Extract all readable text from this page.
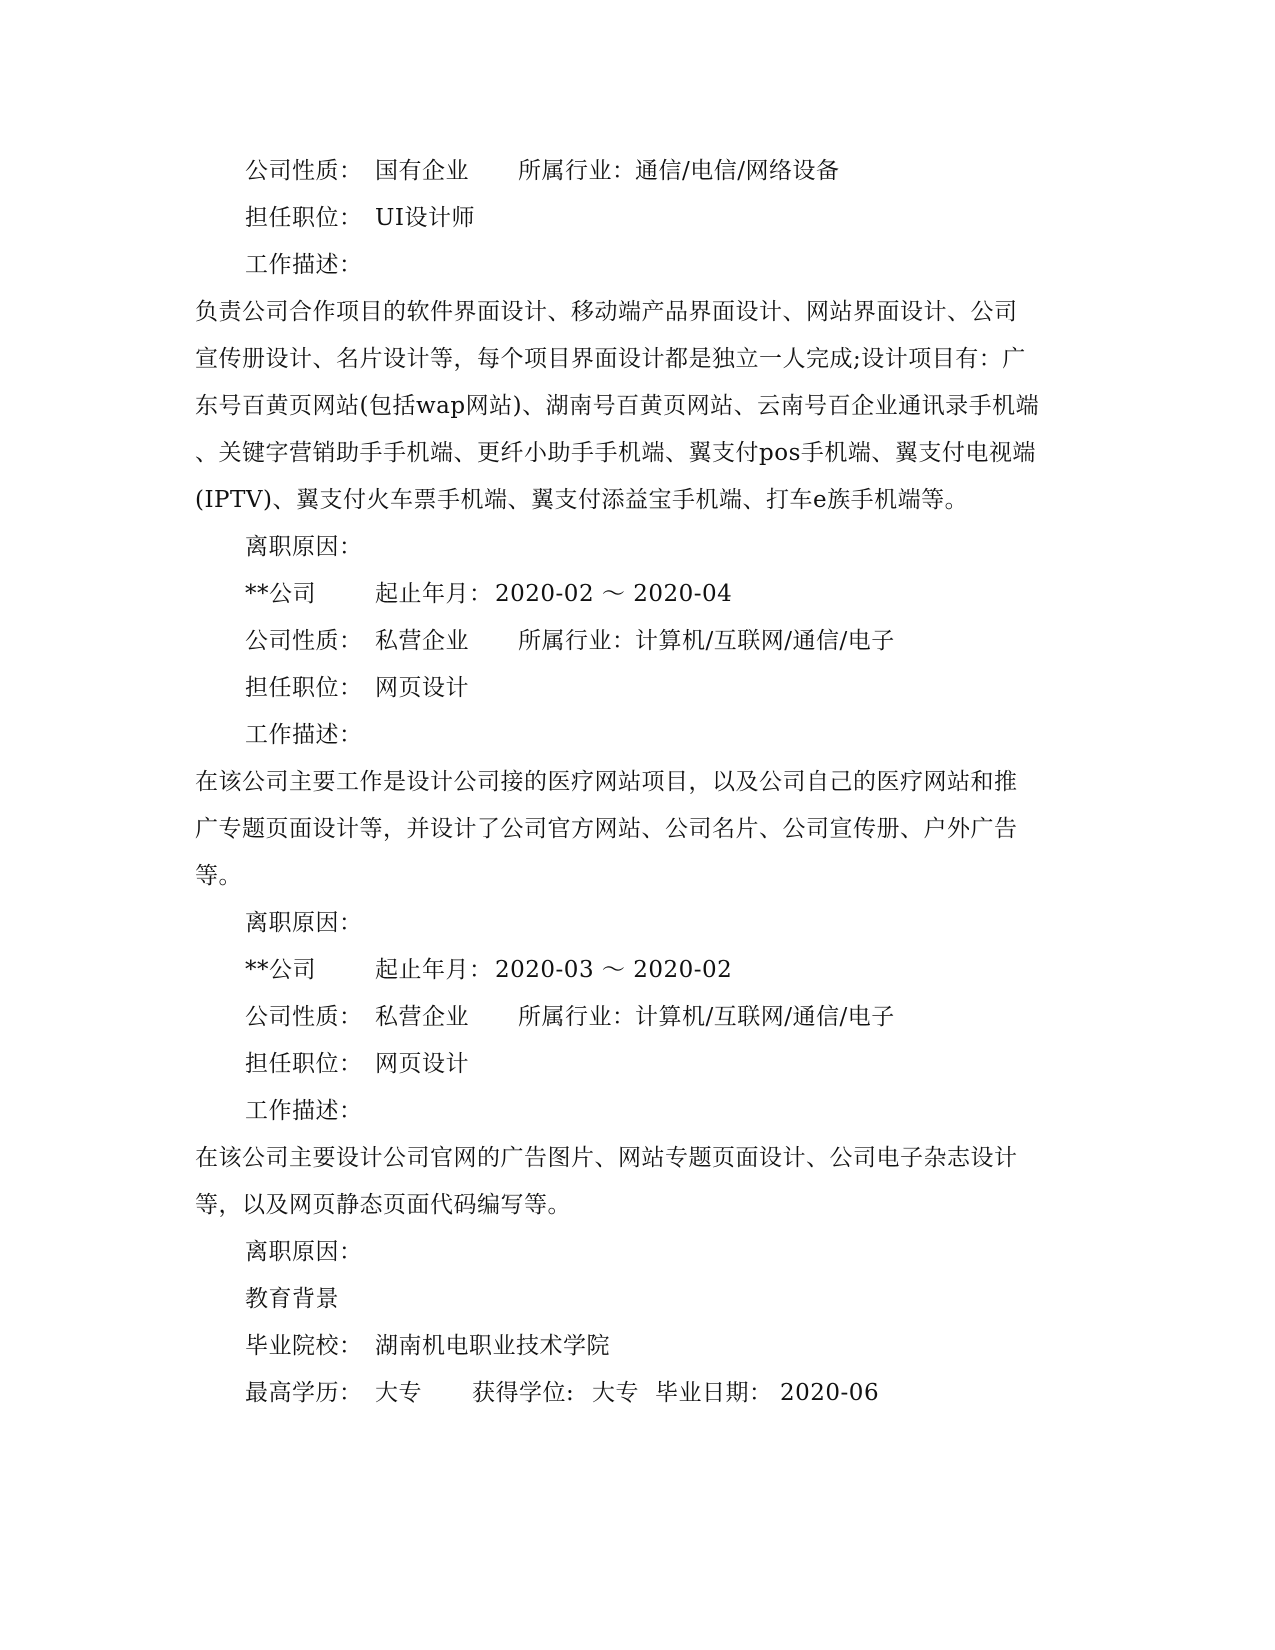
公司性质： 国有企业 所属行业： 通信/电信/网络设备
担任职位： UI设计师
工作描述：
负责公司合作项目的软件界面设计、移动端产品界面设计、网站界面设计、公司
宣传册设计、名片设计等，每个项目界面设计都是独立一人完成;设计项目有：广
东号百黄页网站(包括wap网站)、湖南号百黄页网站、云南号百企业通讯录手机端
、关键字营销助手手机端、更纤小助手手机端、翼支付pos手机端、翼支付电视端
(IPTV)、翼支付火车票手机端、翼支付添益宝手机端、打车e族手机端等。
离职原因：
**公司	起止年月： 2020-02 ～ 2020-04
公司性质： 私营企业 所属行业： 计算机/互联网/通信/电子
担任职位： 网页设计
工作描述：
在该公司主要工作是设计公司接的医疗网站项目，以及公司自己的医疗网站和推
广专题页面设计等，并设计了公司官方网站、公司名片、公司宣传册、户外广告
等。
离职原因：
**公司	起止年月： 2020-03 ～ 2020-02
公司性质： 私营企业 所属行业： 计算机/互联网/通信/电子
担任职位： 网页设计
工作描述：
在该公司主要设计公司官网的广告图片、网站专题页面设计、公司电子杂志设计
等，以及网页静态页面代码编写等。
离职原因：
教育背景
毕业院校： 湖南机电职业技术学院
最高学历： 大专 获得学位: 大专 毕业日期： 2020-06
